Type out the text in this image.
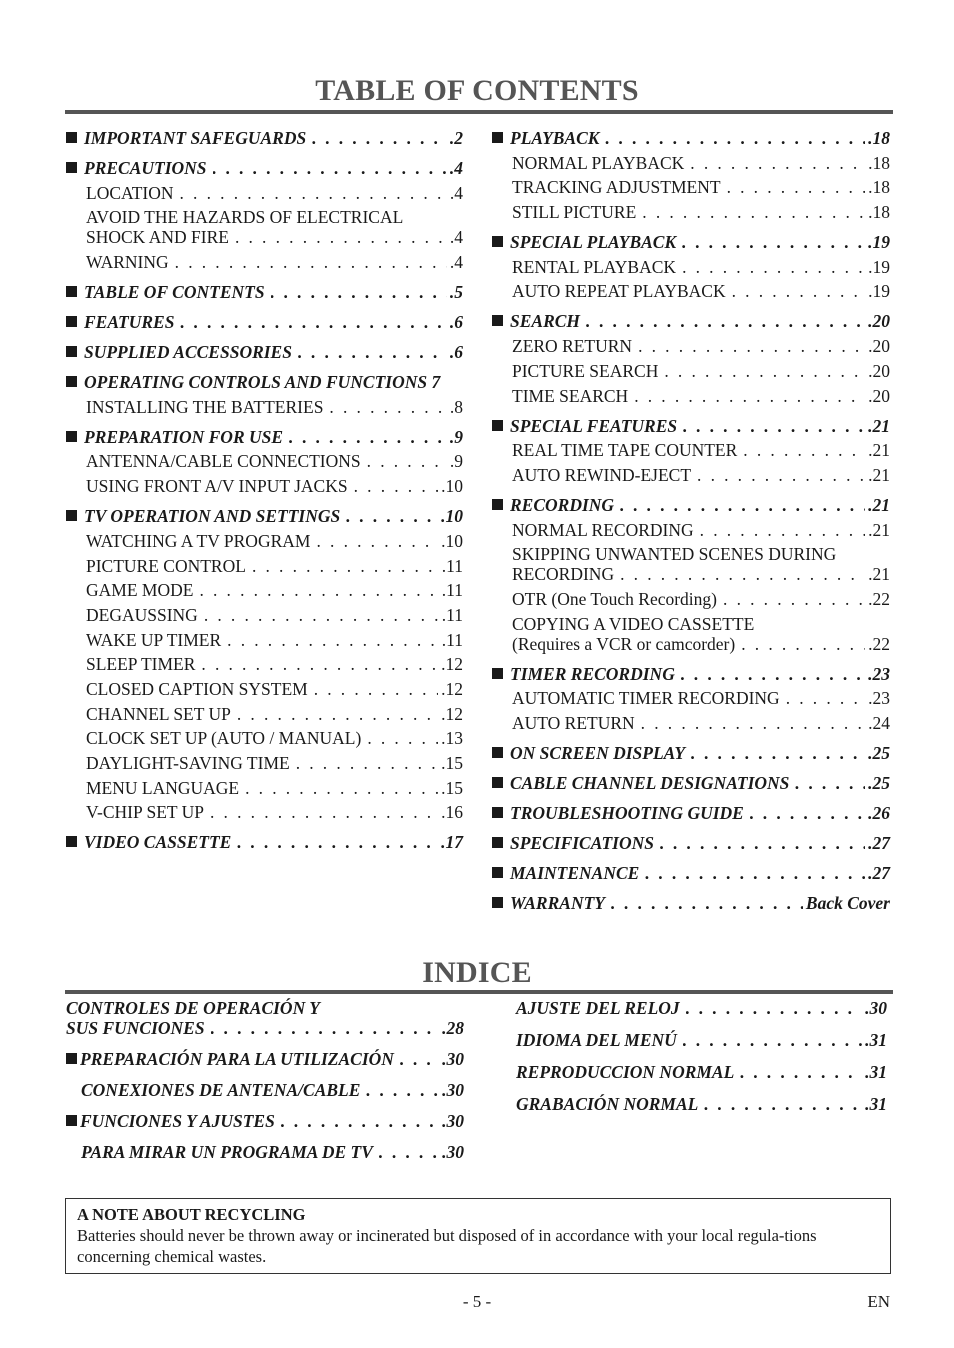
TABLE OF CONTENTS
IMPORTANT SAFEGUARDS . . .	.2
PRECAUTIONS . . .	.4
LOCATION . . .	.4
AVOID THE HAZARDS OF ELECTRICAL
SHOCK AND FIRE . . .	.4
WARNING . . .	.4
TABLE OF CONTENTS . . .	.5
FEATURES . . .	.6
SUPPLIED ACCESSORIES . . .	.6
OPERATING CONTROLS AND FUNCTIONS 7
INSTALLING THE BATTERIES . . .	.8
PREPARATION FOR USE . . .	.9
ANTENNA/CABLE CONNECTIONS . . .	.9
USING FRONT A/V INPUT JACKS . . .	.10
TV OPERATION AND SETTINGS . . .	.10
WATCHING A TV PROGRAM . . .	.10
PICTURE CONTROL . . .	.11
GAME MODE . . .	.11
DEGAUSSING . . .	.11
WAKE UP TIMER . . .	.11
SLEEP TIMER . . .	.12
CLOSED CAPTION SYSTEM . . .	.12
CHANNEL SET UP . . .	.12
CLOCK SET UP (AUTO / MANUAL) . . .	.13
DAYLIGHT-SAVING TIME . . .	.15
MENU LANGUAGE . . .	.15
V-CHIP SET UP . . .	.16
VIDEO CASSETTE . . .	.17
PLAYBACK . . .	.18
NORMAL PLAYBACK . . .	.18
TRACKING ADJUSTMENT . . .	.18
STILL PICTURE . . .	.18
SPECIAL PLAYBACK . . .	.19
RENTAL PLAYBACK . . .	.19
AUTO REPEAT PLAYBACK . . .	.19
SEARCH . . .	.20
ZERO RETURN . . .	.20
PICTURE SEARCH . . .	.20
TIME SEARCH . . .	.20
SPECIAL FEATURES . . .	.21
REAL TIME TAPE COUNTER . . .	.21
AUTO REWIND-EJECT . . .	.21
RECORDING . . .	.21
NORMAL RECORDING . . .	.21
SKIPPING UNWANTED SCENES DURING
RECORDING . . .	.21
OTR (One Touch Recording) . . .	.22
COPYING A VIDEO CASSETTE
(Requires a VCR or camcorder) . . .	.22
TIMER RECORDING . . .	.23
AUTOMATIC TIMER RECORDING . . .	.23
AUTO RETURN . . .	.24
ON SCREEN DISPLAY . . .	.25
CABLE CHANNEL DESIGNATIONS . . .	.25
TROUBLESHOOTING GUIDE . . .	.26
SPECIFICATIONS . . .	.27
MAINTENANCE . . .	.27
WARRANTY . . .	Back Cover
INDICE
CONTROLES DE OPERACIÓN Y
SUS FUNCIONES . . .	.28
PREPARACIÓN PARA LA UTILIZACIÓN . . .	.30
CONEXIONES DE ANTENA/CABLE . . .	.30
FUNCIONES Y AJUSTES . . .	.30
PARA MIRAR UN PROGRAMA DE TV . . .	.30
AJUSTE DEL RELOJ . . .	.30
IDIOMA DEL MENÚ . . .	.31
REPRODUCCION NORMAL . . .	.31
GRABACIÓN NORMAL . . .	.31
A NOTE ABOUT RECYCLING
Batteries should never be thrown away or incinerated but disposed of in accordance with your local regula-tions concerning chemical wastes.
- 5 -	EN
